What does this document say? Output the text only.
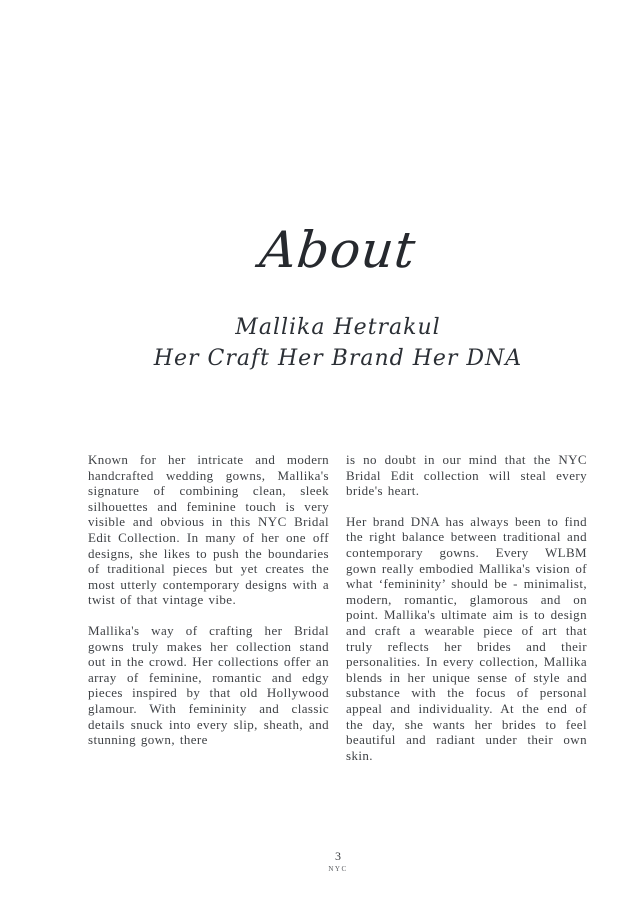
About
Mallika Hetrakul
Her Craft Her Brand Her DNA

Known for her intricate and modern handcrafted wedding gowns, Mallika's signature of combining clean, sleek silhouettes and feminine touch is very visible and obvious in this NYC Bridal Edit Collection. In many of her one off designs, she likes to push the boundaries of traditional pieces but yet creates the most utterly contemporary designs with a twist of that vintage vibe.

Mallika's way of crafting her Bridal gowns truly makes her collection stand out in the crowd. Her collections offer an array of feminine, romantic and edgy pieces inspired by that old Hollywood glamour. With femininity and classic details snuck into every slip, sheath, and stunning gown, there

is no doubt in our mind that the NYC Bridal Edit collection will steal every bride's heart.

Her brand DNA has always been to find the right balance between traditional and contemporary gowns. Every WLBM gown really embodied Mallika's vision of what ‘femininity’ should be - minimalist, modern, romantic, glamorous and on point. Mallika's ultimate aim is to design and craft a wearable piece of art that truly reflects her brides and their personalities. In every collection, Mallika blends in her unique sense of style and substance with the focus of personal appeal and individuality. At the end of the day, she wants her brides to feel beautiful and radiant under their own skin.

3
NYC
